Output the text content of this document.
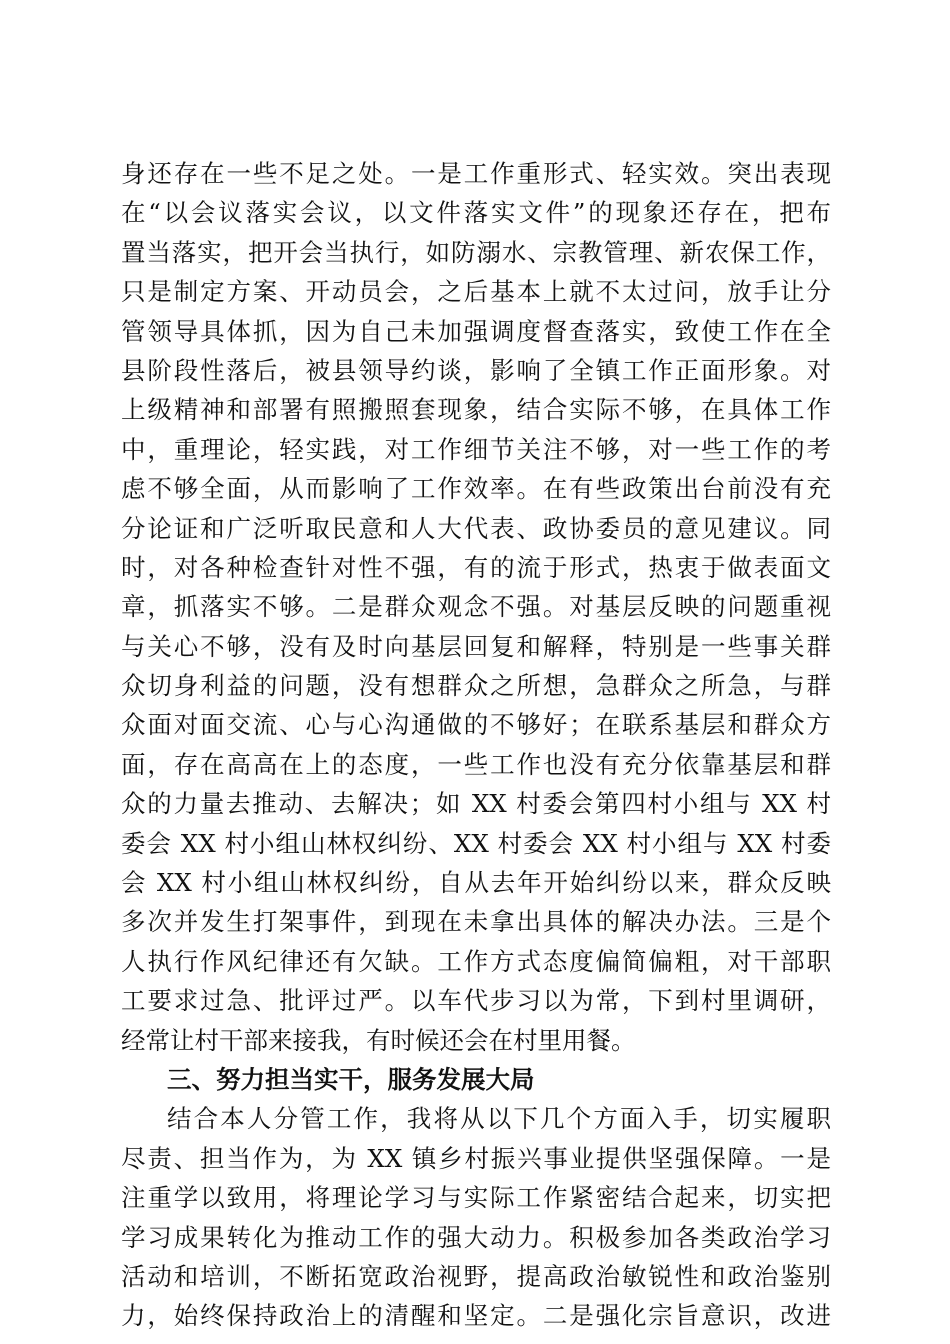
身还存在一些不足之处。一是工作重形式、轻实效。突出表现
在“以会议落实会议，以文件落实文件”的现象还存在，把布
置当落实，把开会当执行，如防溺水、宗教管理、新农保工作，
只是制定方案、开动员会，之后基本上就不太过问，放手让分
管领导具体抓，因为自己未加强调度督查落实，致使工作在全
县阶段性落后，被县领导约谈，影响了全镇工作正面形象。对
上级精神和部署有照搬照套现象，结合实际不够，在具体工作
中，重理论，轻实践，对工作细节关注不够，对一些工作的考
虑不够全面，从而影响了工作效率。在有些政策出台前没有充
分论证和广泛听取民意和人大代表、政协委员的意见建议。同
时，对各种检查针对性不强，有的流于形式，热衷于做表面文
章，抓落实不够。二是群众观念不强。对基层反映的问题重视
与关心不够，没有及时向基层回复和解释，特别是一些事关群
众切身利益的问题，没有想群众之所想，急群众之所急，与群
众面对面交流、心与心沟通做的不够好；在联系基层和群众方
面，存在高高在上的态度，一些工作也没有充分依靠基层和群
众的力量去推动、去解决；如 XX 村委会第四村小组与 XX 村
委会 XX 村小组山林权纠纷、XX 村委会 XX 村小组与 XX 村委
会 XX 村小组山林权纠纷，自从去年开始纠纷以来，群众反映
多次并发生打架事件，到现在未拿出具体的解决办法。三是个
人执行作风纪律还有欠缺。工作方式态度偏简偏粗，对干部职
工要求过急、批评过严。以车代步习以为常，下到村里调研，
经常让村干部来接我，有时候还会在村里用餐。
三、努力担当实干，服务发展大局
结合本人分管工作，我将从以下几个方面入手，切实履职
尽责、担当作为，为 XX 镇乡村振兴事业提供坚强保障。一是
注重学以致用，将理论学习与实际工作紧密结合起来，切实把
学习成果转化为推动工作的强大动力。积极参加各类政治学习
活动和培训，不断拓宽政治视野，提高政治敏锐性和政治鉴别
力，始终保持政治上的清醒和坚定。二是强化宗旨意识，改进
